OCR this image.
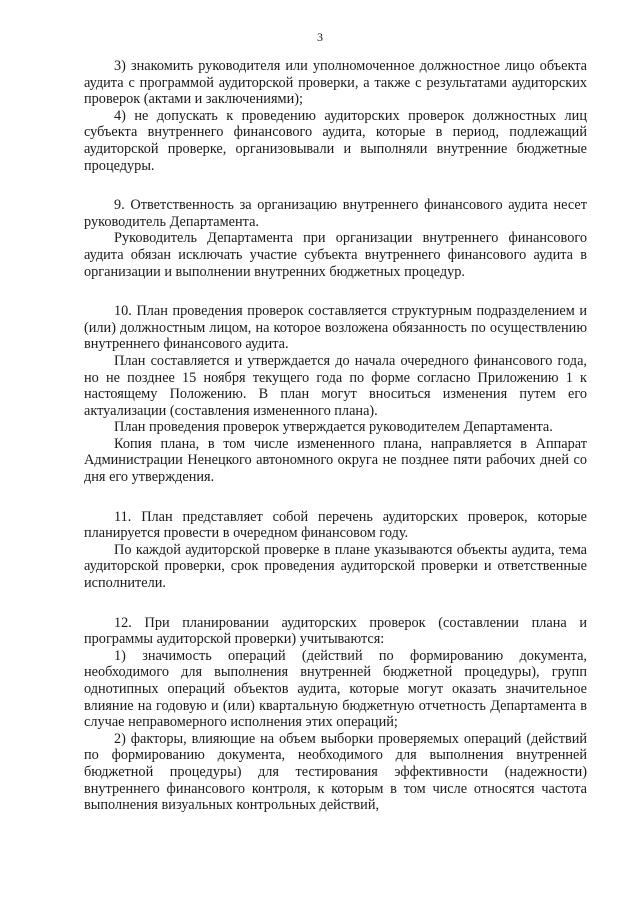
3

3) знакомить руководителя или уполномоченное должностное лицо объекта аудита с программой аудиторской проверки, а также с результатами аудиторских проверок (актами и заключениями);

4) не допускать к проведению аудиторских проверок должностных лиц субъекта внутреннего финансового аудита, которые в период, подлежащий аудиторской проверке, организовывали и выполняли внутренние бюджетные процедуры.

9. Ответственность за организацию внутреннего финансового аудита несет руководитель Департамента.

Руководитель Департамента при организации внутреннего финансового аудита обязан исключать участие субъекта внутреннего финансового аудита в организации и выполнении внутренних бюджетных процедур.

10. План проведения проверок составляется структурным подразделением и (или) должностным лицом, на которое возложена обязанность по осуществлению внутреннего финансового аудита.

План составляется и утверждается до начала очередного финансового года, но не позднее 15 ноября текущего года по форме согласно Приложению 1 к настоящему Положению. В план могут вноситься изменения путем его актуализации (составления измененного плана).

План проведения проверок утверждается руководителем Департамента.

Копия плана, в том числе измененного плана, направляется в Аппарат Администрации Ненецкого автономного округа не позднее пяти рабочих дней со дня его утверждения.

11. План представляет собой перечень аудиторских проверок, которые планируется провести в очередном финансовом году.

По каждой аудиторской проверке в плане указываются объекты аудита, тема аудиторской проверки, срок проведения аудиторской проверки и ответственные исполнители.

12. При планировании аудиторских проверок (составлении плана и программы аудиторской проверки) учитываются:

1) значимость операций (действий по формированию документа, необходимого для выполнения внутренней бюджетной процедуры), групп однотипных операций объектов аудита, которые могут оказать значительное влияние на годовую и (или) квартальную бюджетную отчетность Департамента в случае неправомерного исполнения этих операций;

2) факторы, влияющие на объем выборки проверяемых операций (действий по формированию документа, необходимого для выполнения внутренней бюджетной процедуры) для тестирования эффективности (надежности) внутреннего финансового контроля, к которым в том числе относятся частота выполнения визуальных контрольных действий,
